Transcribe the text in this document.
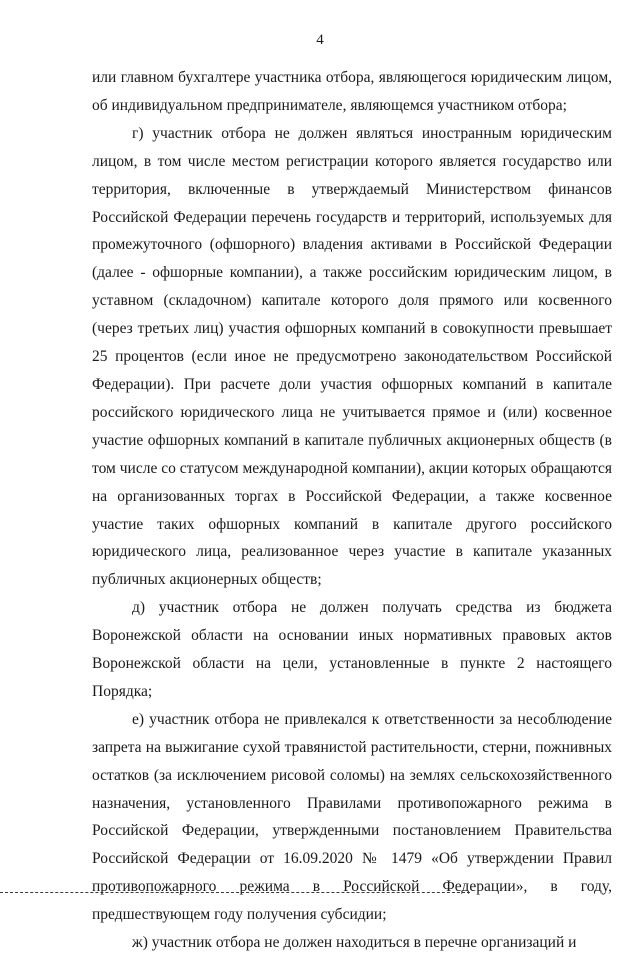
4

или главном бухгалтере участника отбора, являющегося юридическим лицом, об индивидуальном предпринимателе, являющемся участником отбора;

г) участник отбора не должен являться иностранным юридическим лицом, в том числе местом регистрации которого является государство или территория, включенные в утверждаемый Министерством финансов Российской Федерации перечень государств и территорий, используемых для промежуточного (офшорного) владения активами в Российской Федерации (далее - офшорные компании), а также российским юридическим лицом, в уставном (складочном) капитале которого доля прямого или косвенного (через третьих лиц) участия офшорных компаний в совокупности превышает 25 процентов (если иное не предусмотрено законодательством Российской Федерации). При расчете доли участия офшорных компаний в капитале российского юридического лица не учитывается прямое и (или) косвенное участие офшорных компаний в капитале публичных акционерных обществ (в том числе со статусом международной компании), акции которых обращаются на организованных торгах в Российской Федерации, а также косвенное участие таких офшорных компаний в капитале другого российского юридического лица, реализованное через участие в капитале указанных публичных акционерных обществ;

д) участник отбора не должен получать средства из бюджета Воронежской области на основании иных нормативных правовых актов Воронежской области на цели, установленные в пункте 2 настоящего Порядка;

е) участник отбора не привлекался к ответственности за несоблюдение запрета на выжигание сухой травянистой растительности, стерни, пожнивных остатков (за исключением рисовой соломы) на землях сельскохозяйственного назначения, установленного Правилами противопожарного режима в Российской Федерации, утвержденными постановлением Правительства Российской Федерации от 16.09.2020 № 1479 «Об утверждении Правил противопожарного режима в Российской Федерации», в году, предшествующем году получения субсидии;

ж) участник отбора не должен находиться в перечне организаций и
